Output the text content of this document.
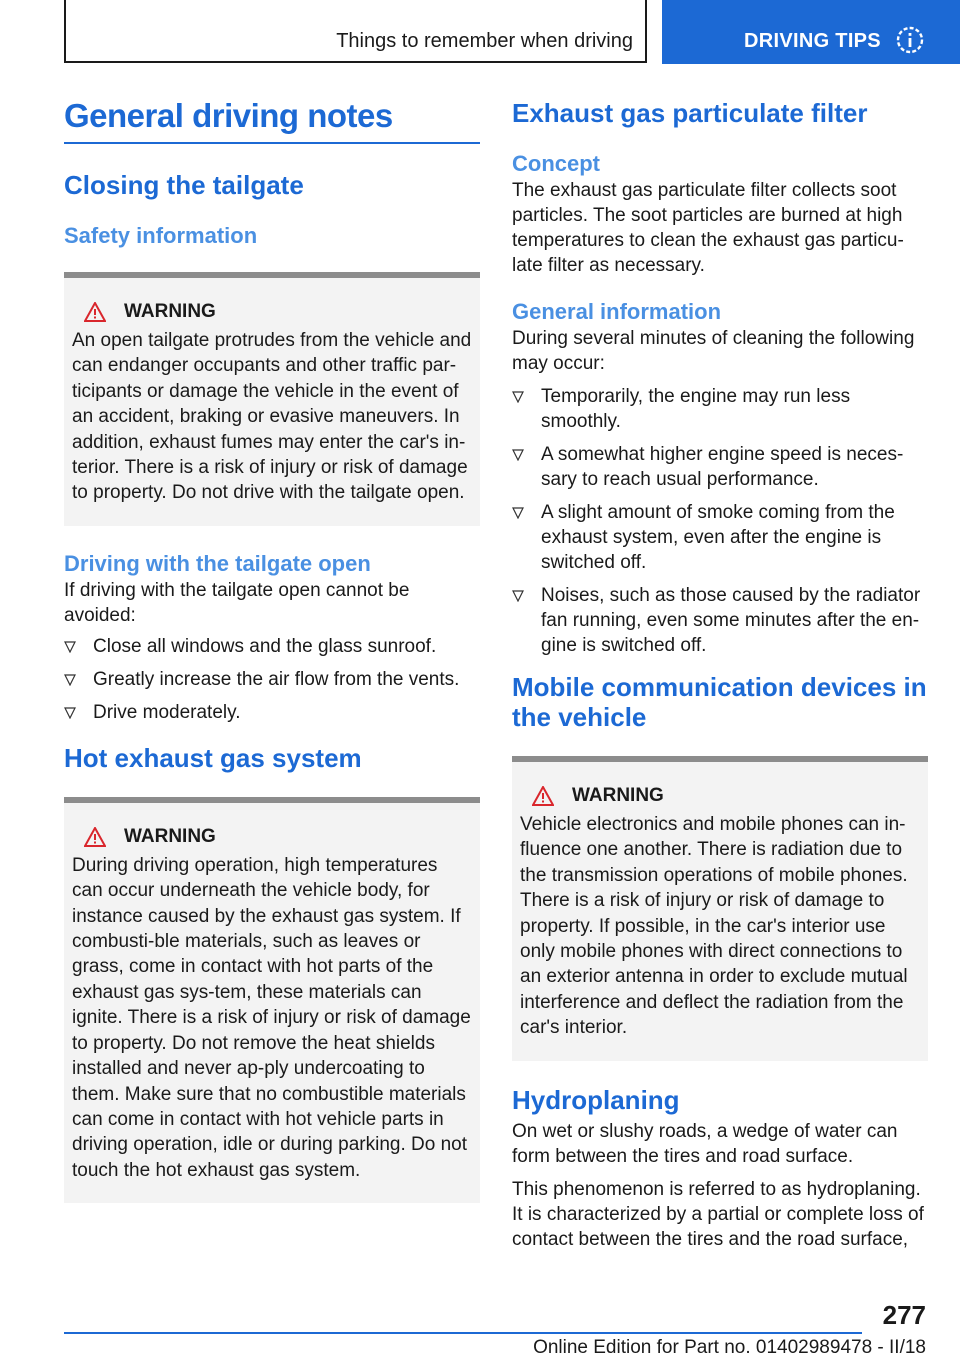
Things to remember when driving	DRIVING TIPS
General driving notes
Closing the tailgate
Safety information
WARNING

An open tailgate protrudes from the vehicle and can endanger occupants and other traffic par‐ticipants or damage the vehicle in the event of an accident, braking or evasive maneuvers. In addition, exhaust fumes may enter the car's in‐terior. There is a risk of injury or risk of damage to property. Do not drive with the tailgate open.

Driving with the tailgate open

If driving with the tailgate open cannot be avoided:

Close all windows and the glass sunroof.
Greatly increase the air flow from the vents.
Drive moderately.
Hot exhaust gas system
WARNING

During driving operation, high temperatures can occur underneath the vehicle body, for instance caused by the exhaust gas system. If combusti‐ble materials, such as leaves or grass, come in contact with hot parts of the exhaust gas sys‐tem, these materials can ignite. There is a risk of injury or risk of damage to property. Do not remove the heat shields installed and never ap‐ply undercoating to them. Make sure that no combustible materials can come in contact with hot vehicle parts in driving operation, idle or during parking. Do not touch the hot exhaust gas system.

Exhaust gas particulate filter
Concept

The exhaust gas particulate filter collects soot particles. The soot particles are burned at high temperatures to clean the exhaust gas particu‐late filter as necessary.

General information

During several minutes of cleaning the following may occur:

Temporarily, the engine may run less smoothly.
A somewhat higher engine speed is neces‐sary to reach usual performance.
A slight amount of smoke coming from the exhaust system, even after the engine is switched off.
Noises, such as those caused by the radiator fan running, even some minutes after the en‐gine is switched off.
Mobile communication devices in the vehicle
WARNING

Vehicle electronics and mobile phones can in‐fluence one another. There is radiation due to the transmission operations of mobile phones. There is a risk of injury or risk of damage to property. If possible, in the car's interior use only mobile phones with direct connections to an exterior antenna in order to exclude mutual interference and deflect the radiation from the car's interior.

Hydroplaning

On wet or slushy roads, a wedge of water can form between the tires and road surface.

This phenomenon is referred to as hydroplaning. It is characterized by a partial or complete loss of contact between the tires and the road surface,

277
Online Edition for Part no. 01402989478 - II/18
